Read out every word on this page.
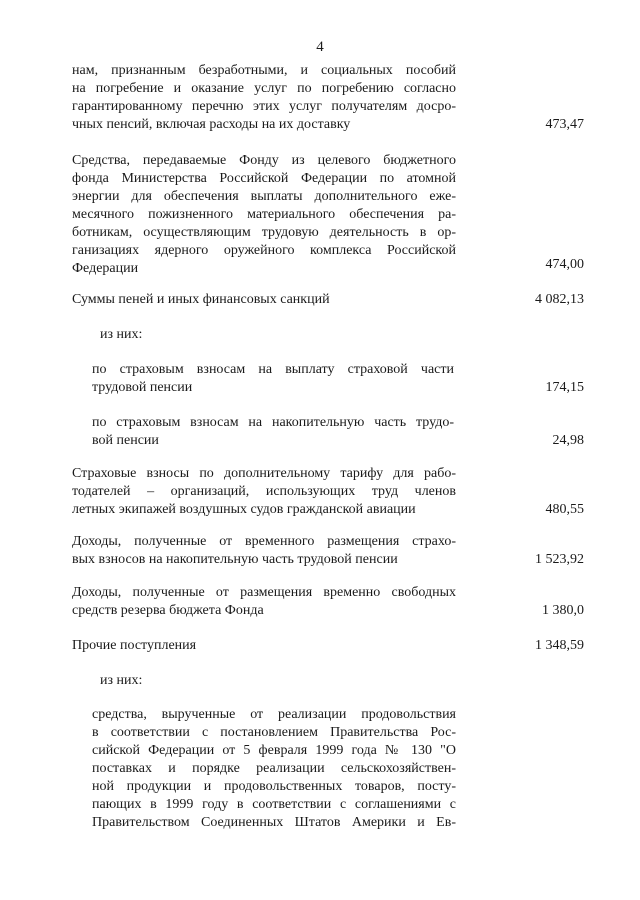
4
нам, признанным безработными, и социальных пособий
на погребение и оказание услуг по погребению согласно
гарантированному перечню этих услуг получателям досро-
чных пенсий, включая расходы на их доставку	473,47
Средства, передаваемые Фонду из целевого бюджетного
фонда Министерства Российской Федерации по атомной
энергии для обеспечения выплаты дополнительного еже-
месячного пожизненного материального обеспечения ра-
ботникам, осуществляющим трудовую деятельность в ор-
ганизациях ядерного оружейного комплекса Российской
Федерации	474,00
Суммы пеней и иных финансовых санкций	4 082,13
из них:
по страховым взносам на выплату страховой части
трудовой пенсии	174,15
по страховым взносам на накопительную часть трудо-
вой пенсии	24,98
Страховые взносы по дополнительному тарифу для рабо-
тодателей – организаций, использующих труд членов
летных экипажей воздушных судов гражданской авиации	480,55
Доходы, полученные от временного размещения страхо-
вых взносов на накопительную часть трудовой пенсии	1 523,92
Доходы, полученные от размещения временно свободных
средств резерва бюджета Фонда	1 380,0
Прочие поступления	1 348,59
из них:
средства, вырученные от реализации продовольствия
в соответствии с постановлением Правительства Рос-
сийской Федерации от 5 февраля 1999 года № 130 "О
поставках и порядке реализации сельскохозяйствен-
ной продукции и продовольственных товаров, посту-
пающих в 1999 году в соответствии с соглашениями с
Правительством Соединенных Штатов Америки и Ев-
